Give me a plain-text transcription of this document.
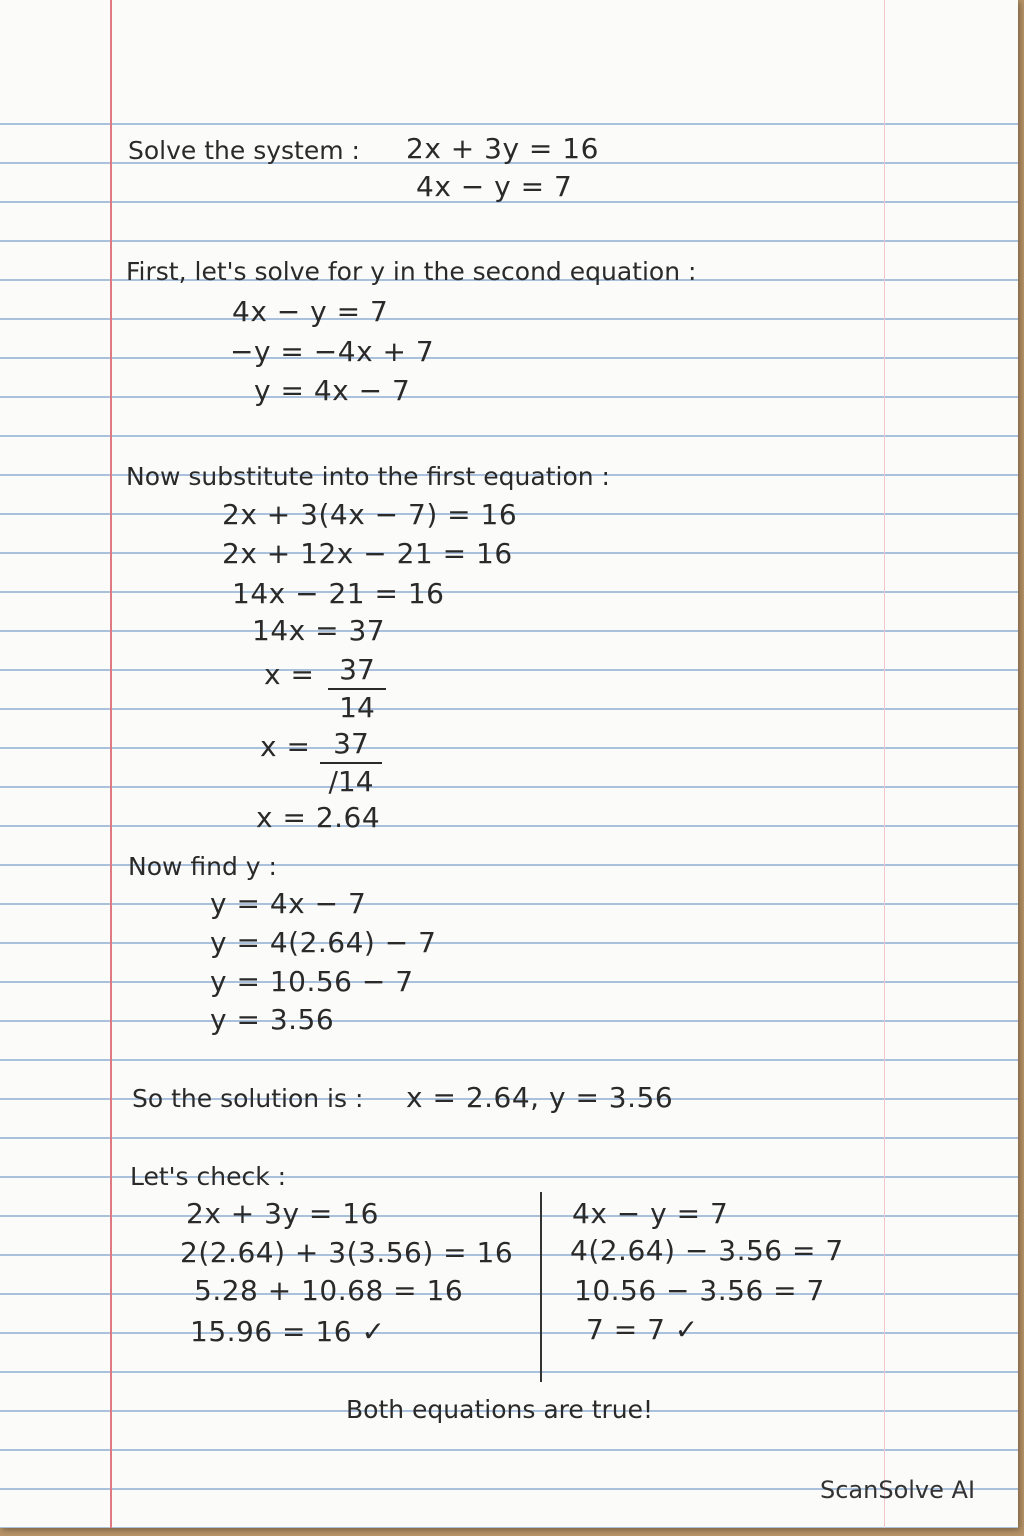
Solve the system : 2x + 3y = 16
4x − y = 7
First, let's solve for y in the second equation :
4x − y = 7
−y = −4x + 7
y = 4x − 7
Now substitute into the first equation :
2x + 3(4x − 7) = 16
2x + 12x − 21 = 16
14x − 21 = 16
14x = 37
x = 37
14
x = 37
/14
x = 2.64
Now find y :
y = 4x − 7
y = 4(2.64) − 7
y = 10.56 − 7
y = 3.56
So the solution is : x = 2.64, y = 3.56
Let's check :
2x + 3y = 16
2(2.64) + 3(3.56) = 16
5.28 + 10.68 = 16
15.96 = 16 ✓
4x − y = 7
4(2.64) − 3.56 = 7
10.56 − 3.56 = 7
7 = 7 ✓
Both equations are true!
ScanSolve AI
